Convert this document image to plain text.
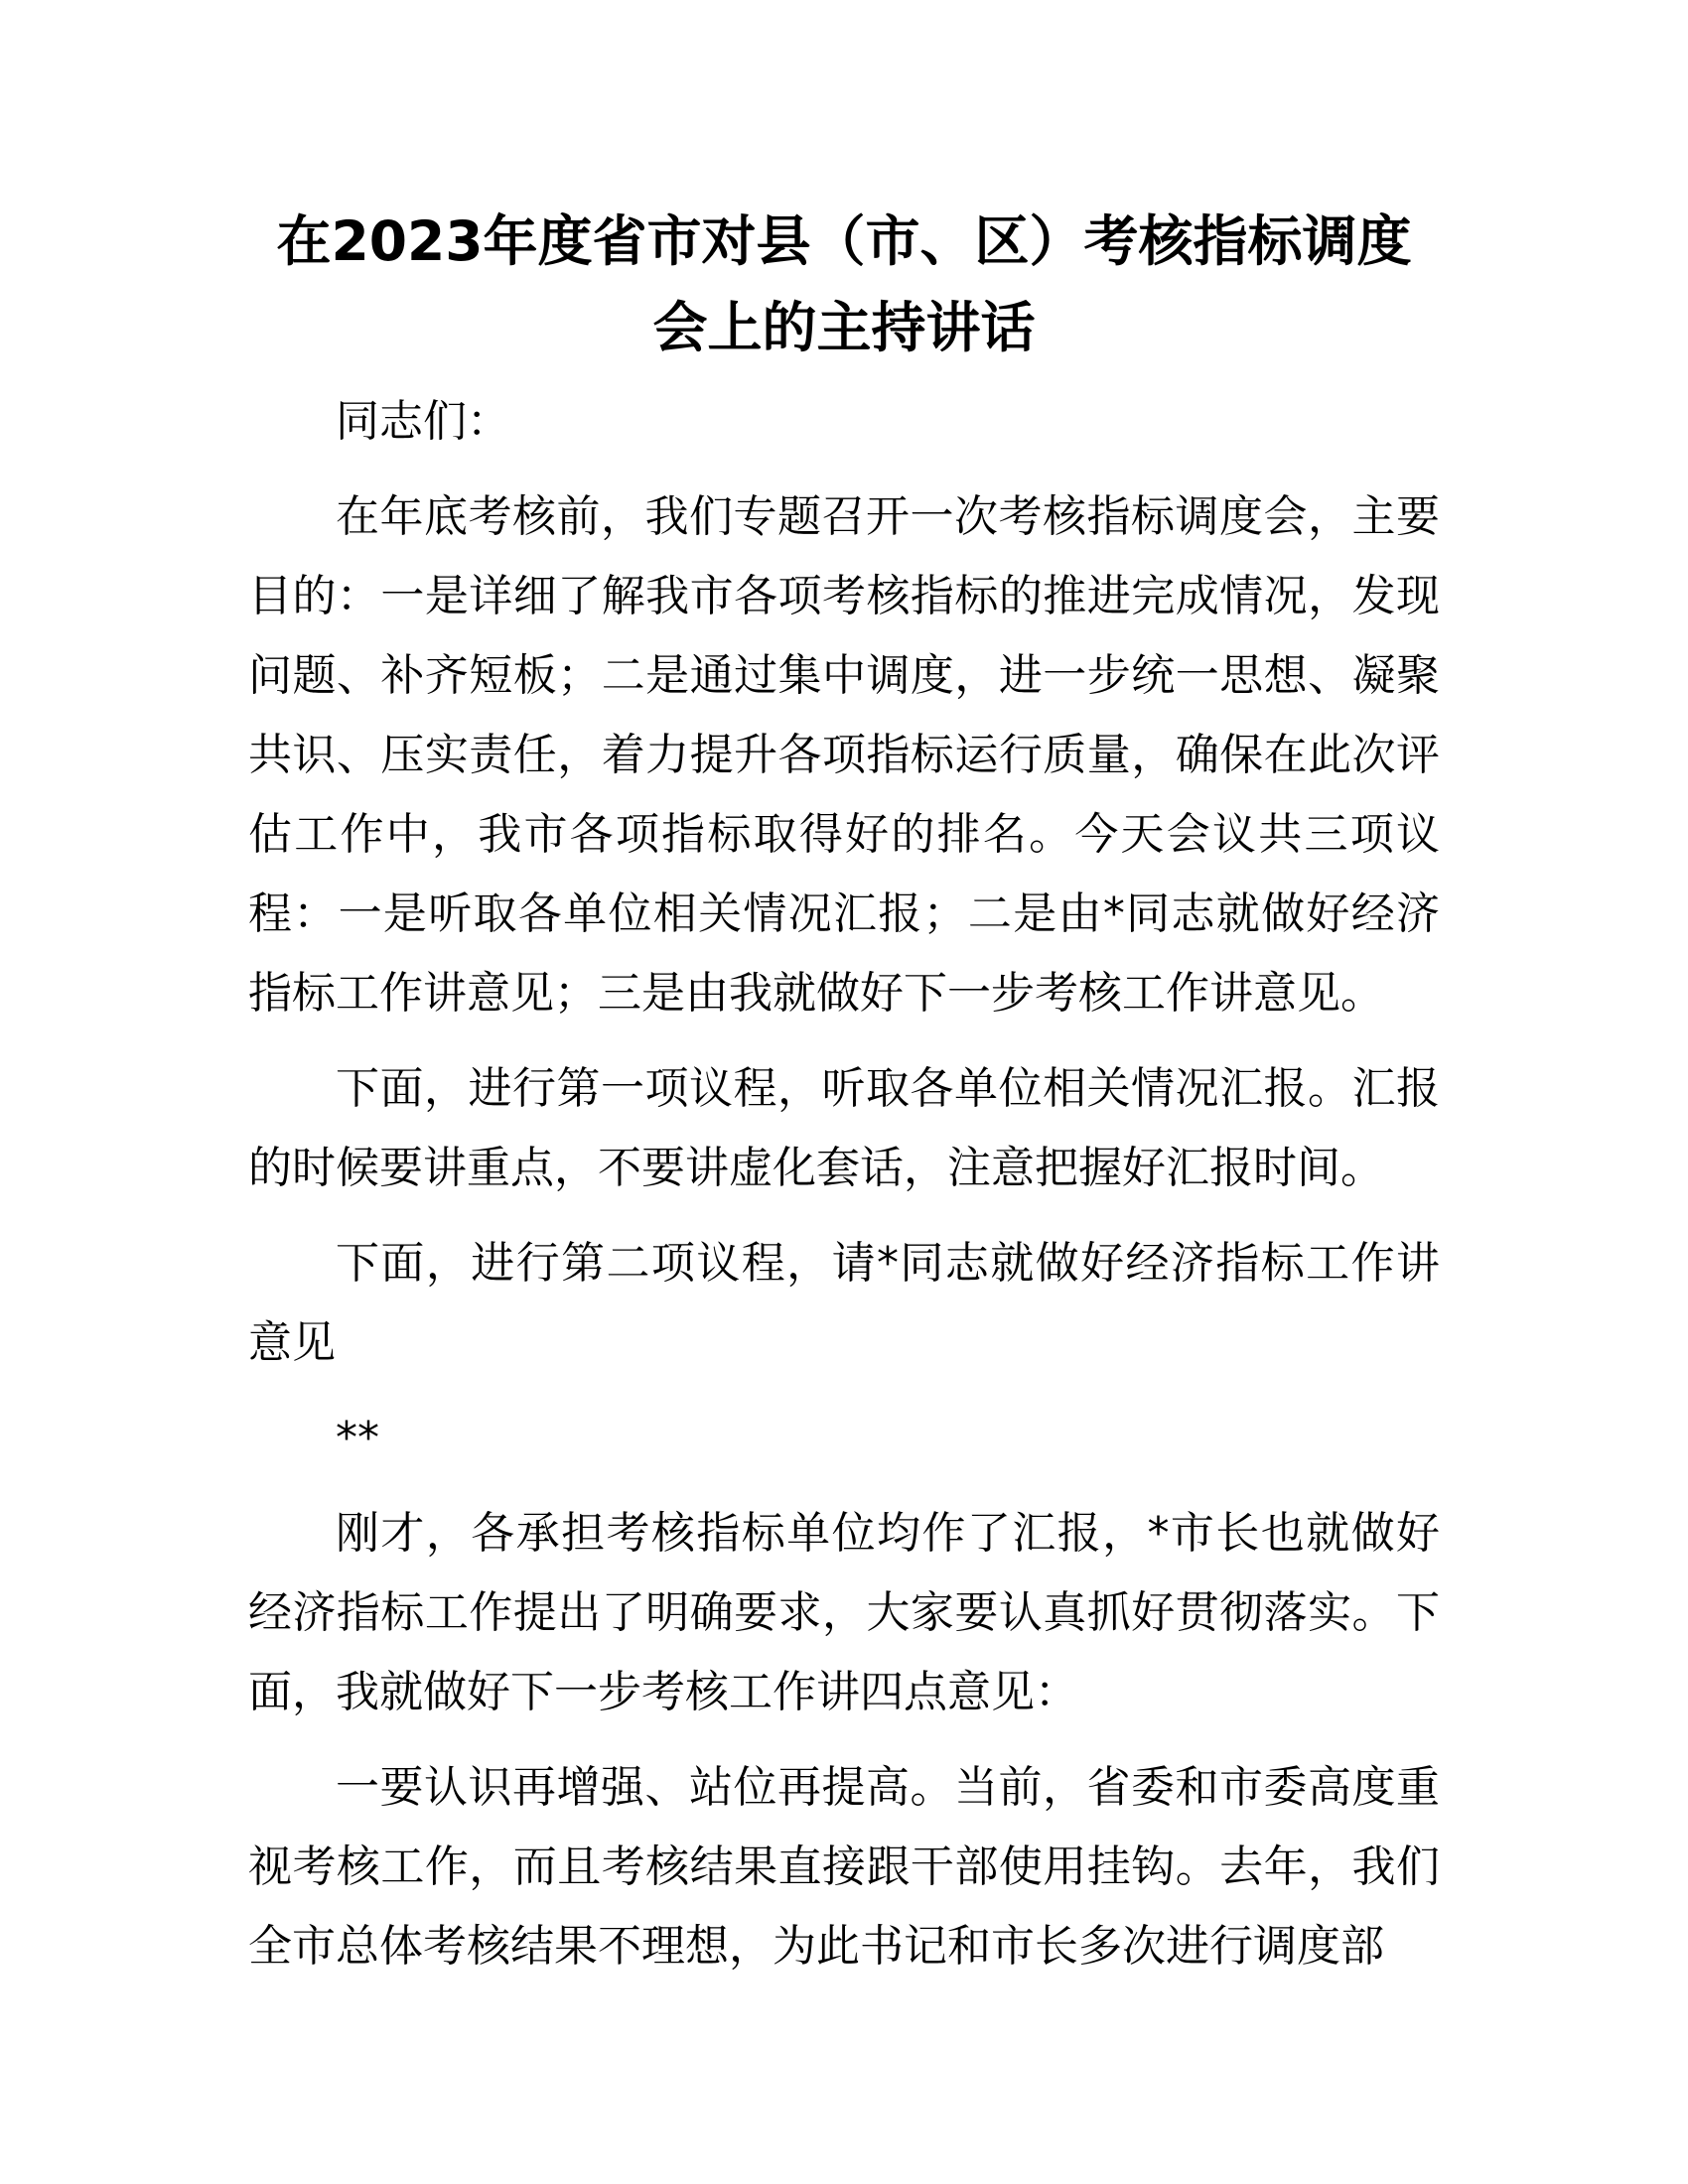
在2023年度省市对县（市、区）考核指标调度
会上的主持讲话

同志们：

在年底考核前，我们专题召开一次考核指标调度会，主要目的：一是详细了解我市各项考核指标的推进完成情况，发现问题、补齐短板；二是通过集中调度，进一步统一思想、凝聚共识、压实责任，着力提升各项指标运行质量，确保在此次评估工作中，我市各项指标取得好的排名。今天会议共三项议程：一是听取各单位相关情况汇报；二是由*同志就做好经济指标工作讲意见；三是由我就做好下一步考核工作讲意见。

下面，进行第一项议程，听取各单位相关情况汇报。汇报的时候要讲重点，不要讲虚化套话，注意把握好汇报时间。

下面，进行第二项议程，请*同志就做好经济指标工作讲意见

**

刚才，各承担考核指标单位均作了汇报，*市长也就做好经济指标工作提出了明确要求，大家要认真抓好贯彻落实。下面，我就做好下一步考核工作讲四点意见：

一要认识再增强、站位再提高。当前，省委和市委高度重视考核工作，而且考核结果直接跟干部使用挂钩。去年，我们全市总体考核结果不理想，为此书记和市长多次进行调度部
